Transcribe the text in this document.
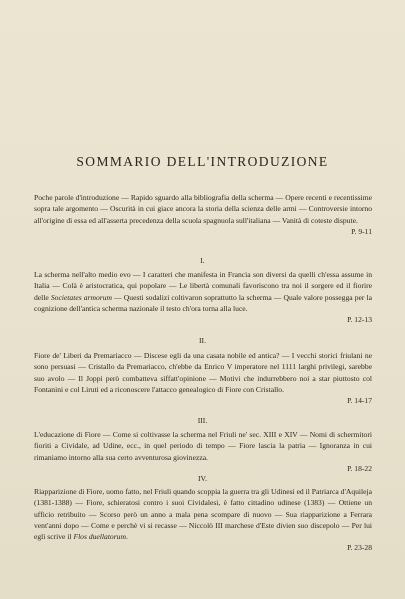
SOMMARIO DELL'INTRODUZIONE

Poche parole d'introduzione — Rapido sguardo alla bibliografia della scherma — Opere recenti e recentissime sopra tale argomento — Oscurità in cui giace ancora la storia della scienza delle armi — Controversie intorno all'origine di essa ed all'asserta precedenza della scuola spagnuola sull'italiana — Vanità di coteste dispute.

P. 9-11
I.

La scherma nell'alto medio evo — I caratteri che manifesta in Francia son diversi da quelli ch'essa assume in Italia — Colà è aristocratica, qui popolare — Le libertà comunali favoriscono tra noi il sorgere ed il fiorire delle Societates armorum — Questi sodalizi coltivaron soprattutto la scherma — Quale valore possegga per la cognizione dell'antica scherma nazionale il testo ch'ora torna alla luce.

P. 12-13
II.

Fiore de' Liberi da Premariacco — Discese egli da una casata nobile ed antica? — I vecchi storici friulani ne sono persuasi — Cristallo da Premariacco, ch'ebbe da Enrico V imperatore nel 1111 larghi privilegi, sarebbe suo avolo — Il Joppi però combatteva siffatt'opinione — Motivi che indurrebbero noi a star piuttosto col Fontanini e col Liruti ed a riconoscere l'attacco genealogico di Fiore con Cristallo.

P. 14-17
III.

L'educazione di Fiore — Come si coltivasse la scherma nel Friuli ne' sec. XIII e XIV — Nomi di schermitori fioriti a Cividale, ad Udine, ecc., in quel periodo di tempo — Fiore lascia la patria — Ignoranza in cui rimaniamo intorno alla sua certo avventurosa giovinezza.

P. 18-22
IV.

Riapparizione di Fiore, uomo fatto, nel Friuli quando scoppia la guerra tra gli Udinesi ed il Patriarca d'Aquileja (1381-1388) — Fiore, schieratosi contro i suoi Cividalesi, è fatto cittadino udinese (1383) — Ottiene un ufficio retribuito — Scorso però un anno a mala pena scompare di nuovo — Sua riapparizione a Ferrara vent'anni dopo — Come e perchè vi si recasse — Niccolò III marchese d'Este divien suo discepolo — Per lui egli scrive il Flos duellatorum.

P. 23-28
